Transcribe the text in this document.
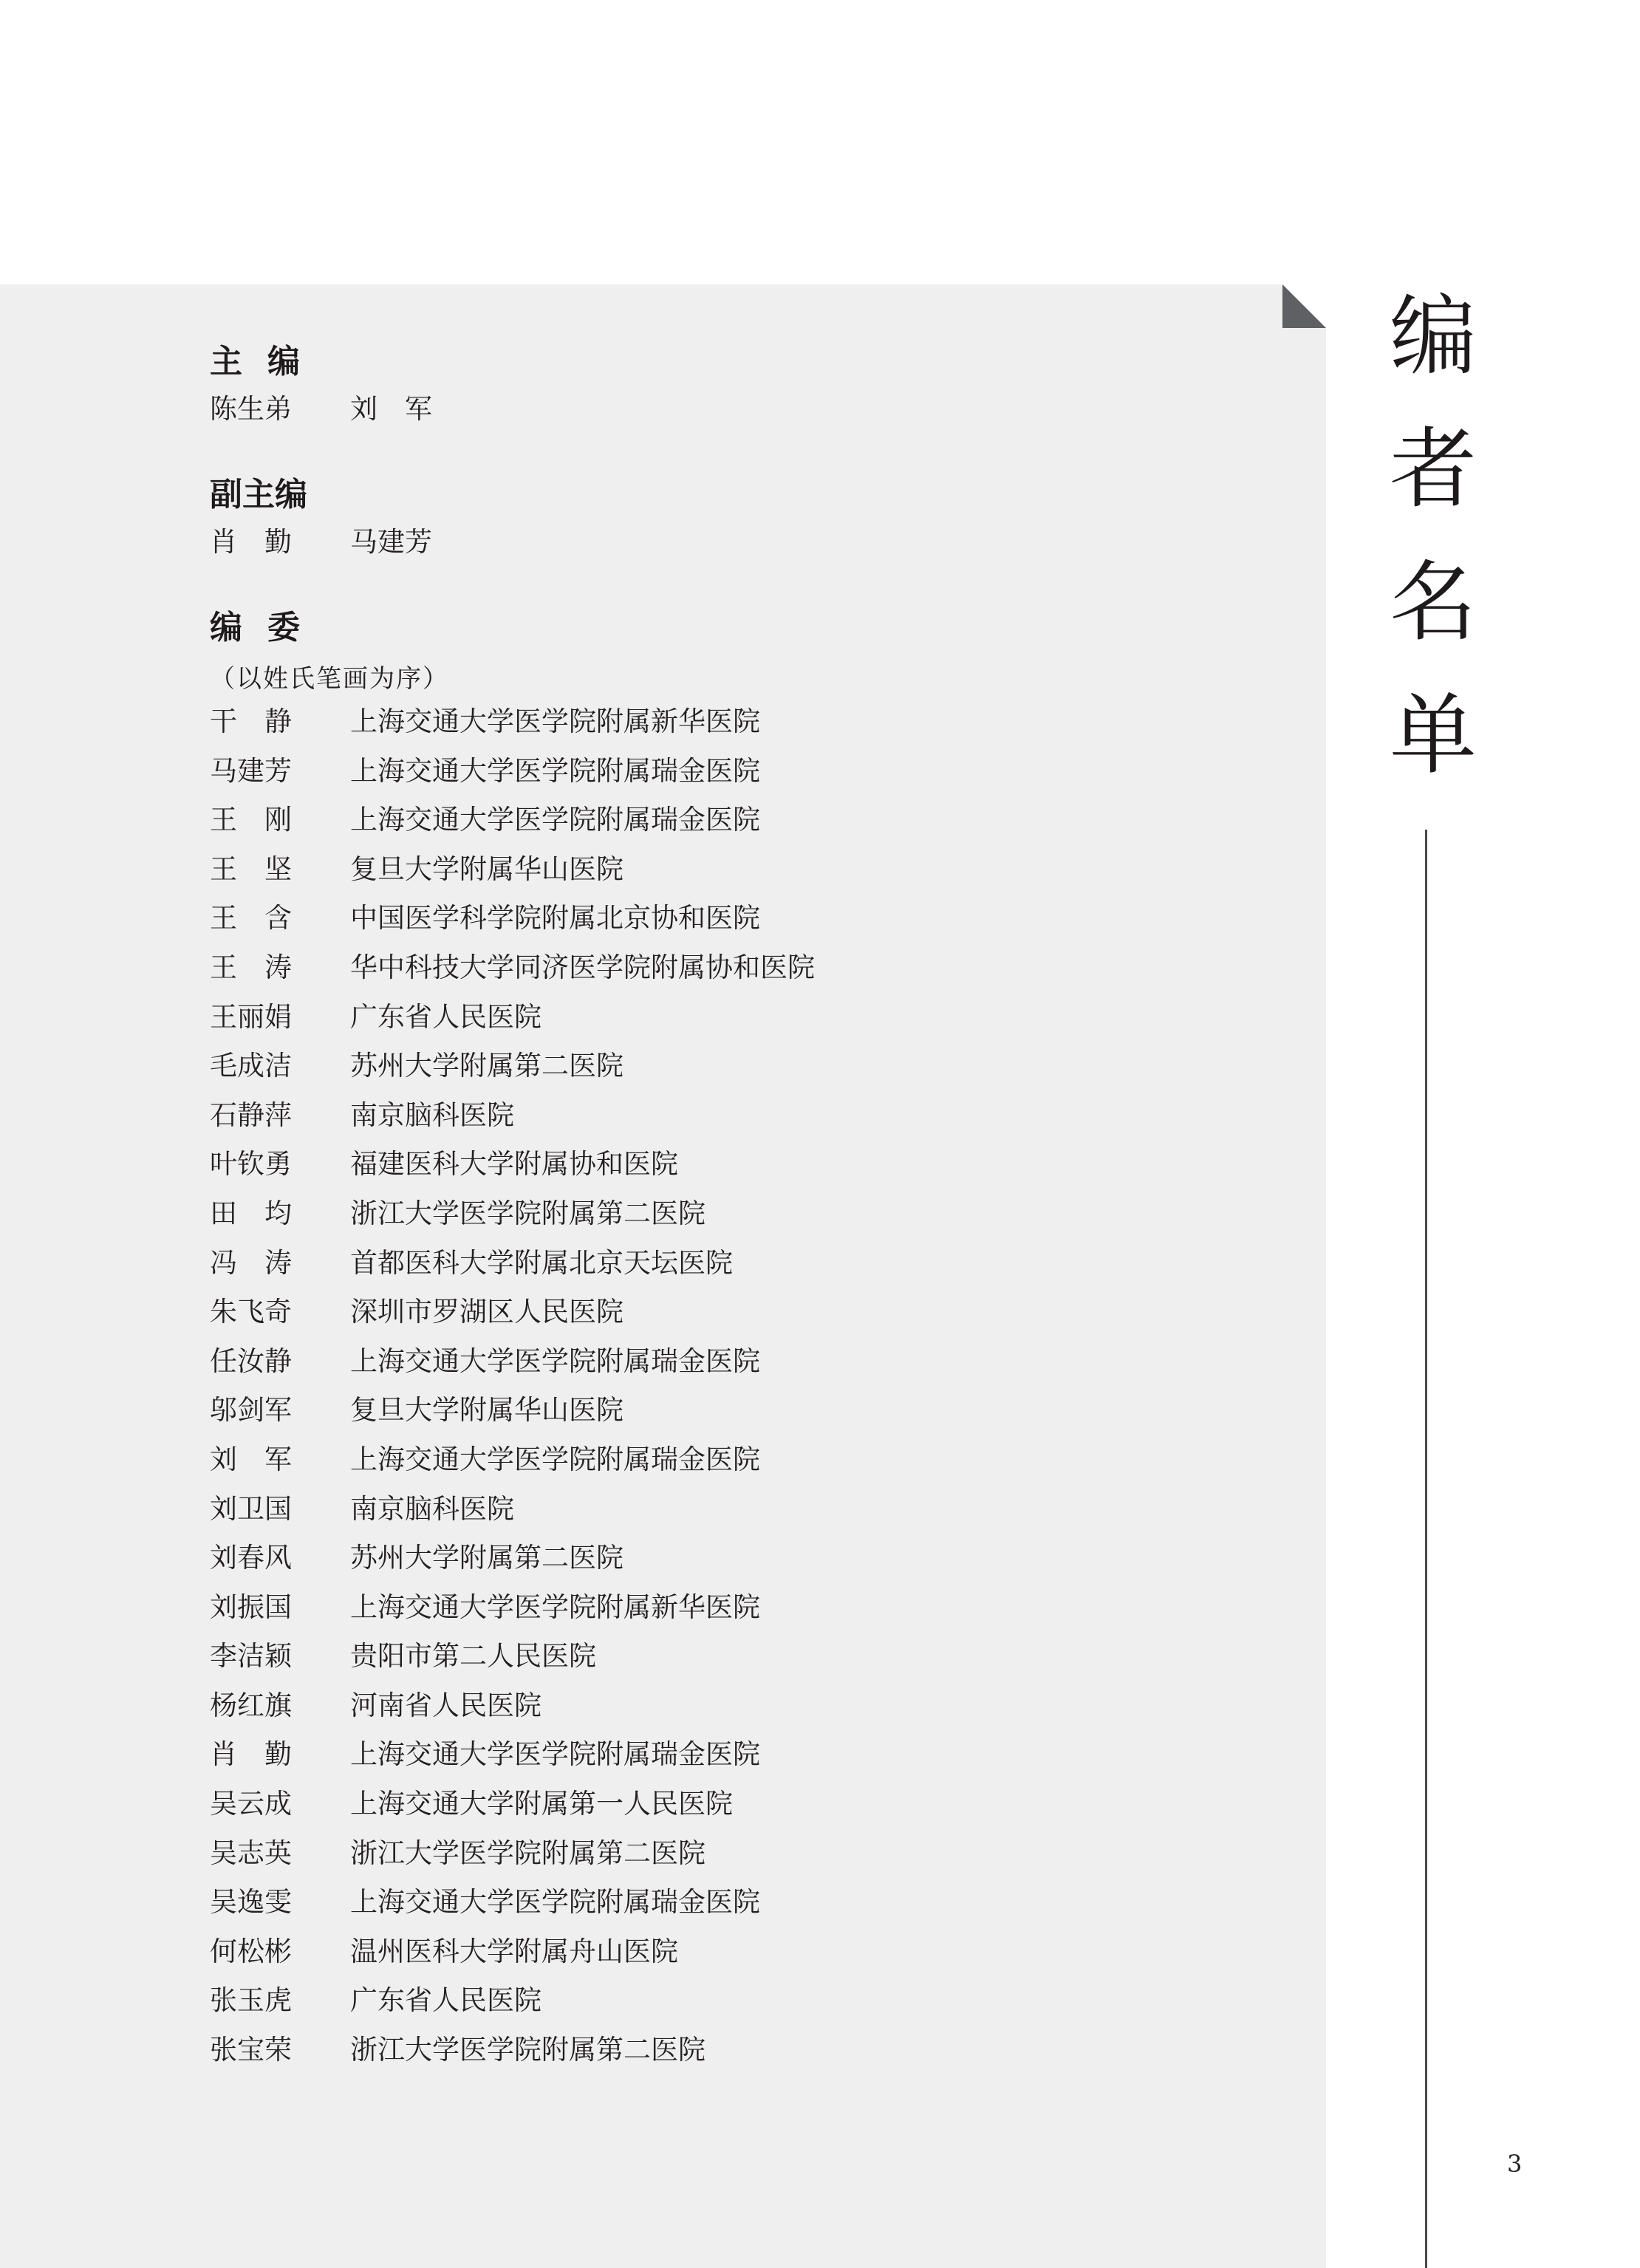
主编
陈生弟 刘　军
副主编
肖　勤 马建芳
编委
（以姓氏笔画为序）
干　静 上海交通大学医学院附属新华医院
马建芳 上海交通大学医学院附属瑞金医院
王　刚 上海交通大学医学院附属瑞金医院
王　坚 复旦大学附属华山医院
王　含 中国医学科学院附属北京协和医院
王　涛 华中科技大学同济医学院附属协和医院
王丽娟 广东省人民医院
毛成洁 苏州大学附属第二医院
石静萍 南京脑科医院
叶钦勇 福建医科大学附属协和医院
田　均 浙江大学医学院附属第二医院
冯　涛 首都医科大学附属北京天坛医院
朱飞奇 深圳市罗湖区人民医院
任汝静 上海交通大学医学院附属瑞金医院
邬剑军 复旦大学附属华山医院
刘　军 上海交通大学医学院附属瑞金医院
刘卫国 南京脑科医院
刘春风 苏州大学附属第二医院
刘振国 上海交通大学医学院附属新华医院
李洁颖 贵阳市第二人民医院
杨红旗 河南省人民医院
肖　勤 上海交通大学医学院附属瑞金医院
吴云成 上海交通大学附属第一人民医院
吴志英 浙江大学医学院附属第二医院
吴逸雯 上海交通大学医学院附属瑞金医院
何松彬 温州医科大学附属舟山医院
张玉虎 广东省人民医院
张宝荣 浙江大学医学院附属第二医院
编
者
名
单
3
